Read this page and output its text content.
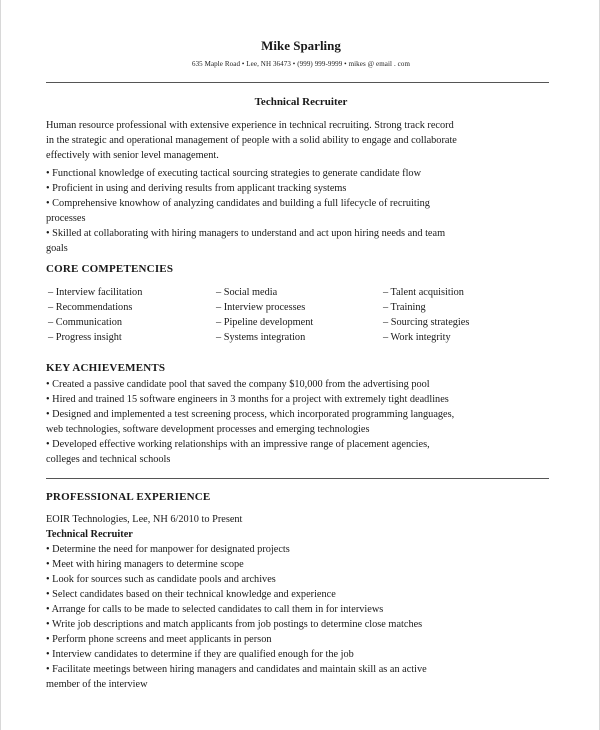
Mike Sparling
635 Maple Road • Lee, NH 36473 • (999) 999-9999 • mikes @ email . com
Technical Recruiter
Human resource professional with extensive experience in technical recruiting. Strong track record
in the strategic and operational management of people with a solid ability to engage and collaborate
effectively with senior level management.
• Functional knowledge of executing tactical sourcing strategies to generate candidate flow
• Proficient in using and deriving results from applicant tracking systems
• Comprehensive knowhow of analyzing candidates and building a full lifecycle of recruiting
processes
• Skilled at collaborating with hiring managers to understand and act upon hiring needs and team
goals
CORE COMPETENCIES
– Interview facilitation
– Recommendations
– Communication
– Progress insight
– Social media
– Interview processes
– Pipeline development
– Systems integration
– Talent acquisition
– Training
– Sourcing strategies
– Work integrity
KEY ACHIEVEMENTS
• Created a passive candidate pool that saved the company $10,000 from the advertising pool
• Hired and trained 15 software engineers in 3 months for a project with extremely tight deadlines
• Designed and implemented a test screening process, which incorporated programming languages,
web technologies, software development processes and emerging technologies
• Developed effective working relationships with an impressive range of placement agencies,
colleges and technical schools
PROFESSIONAL EXPERIENCE
EOIR Technologies, Lee, NH 6/2010 to Present
Technical Recruiter
• Determine the need for manpower for designated projects
• Meet with hiring managers to determine scope
• Look for sources such as candidate pools and archives
• Select candidates based on their technical knowledge and experience
• Arrange for calls to be made to selected candidates to call them in for interviews
• Write job descriptions and match applicants from job postings to determine close matches
• Perform phone screens and meet applicants in person
• Interview candidates to determine if they are qualified enough for the job
• Facilitate meetings between hiring managers and candidates and maintain skill as an active
member of the interview
